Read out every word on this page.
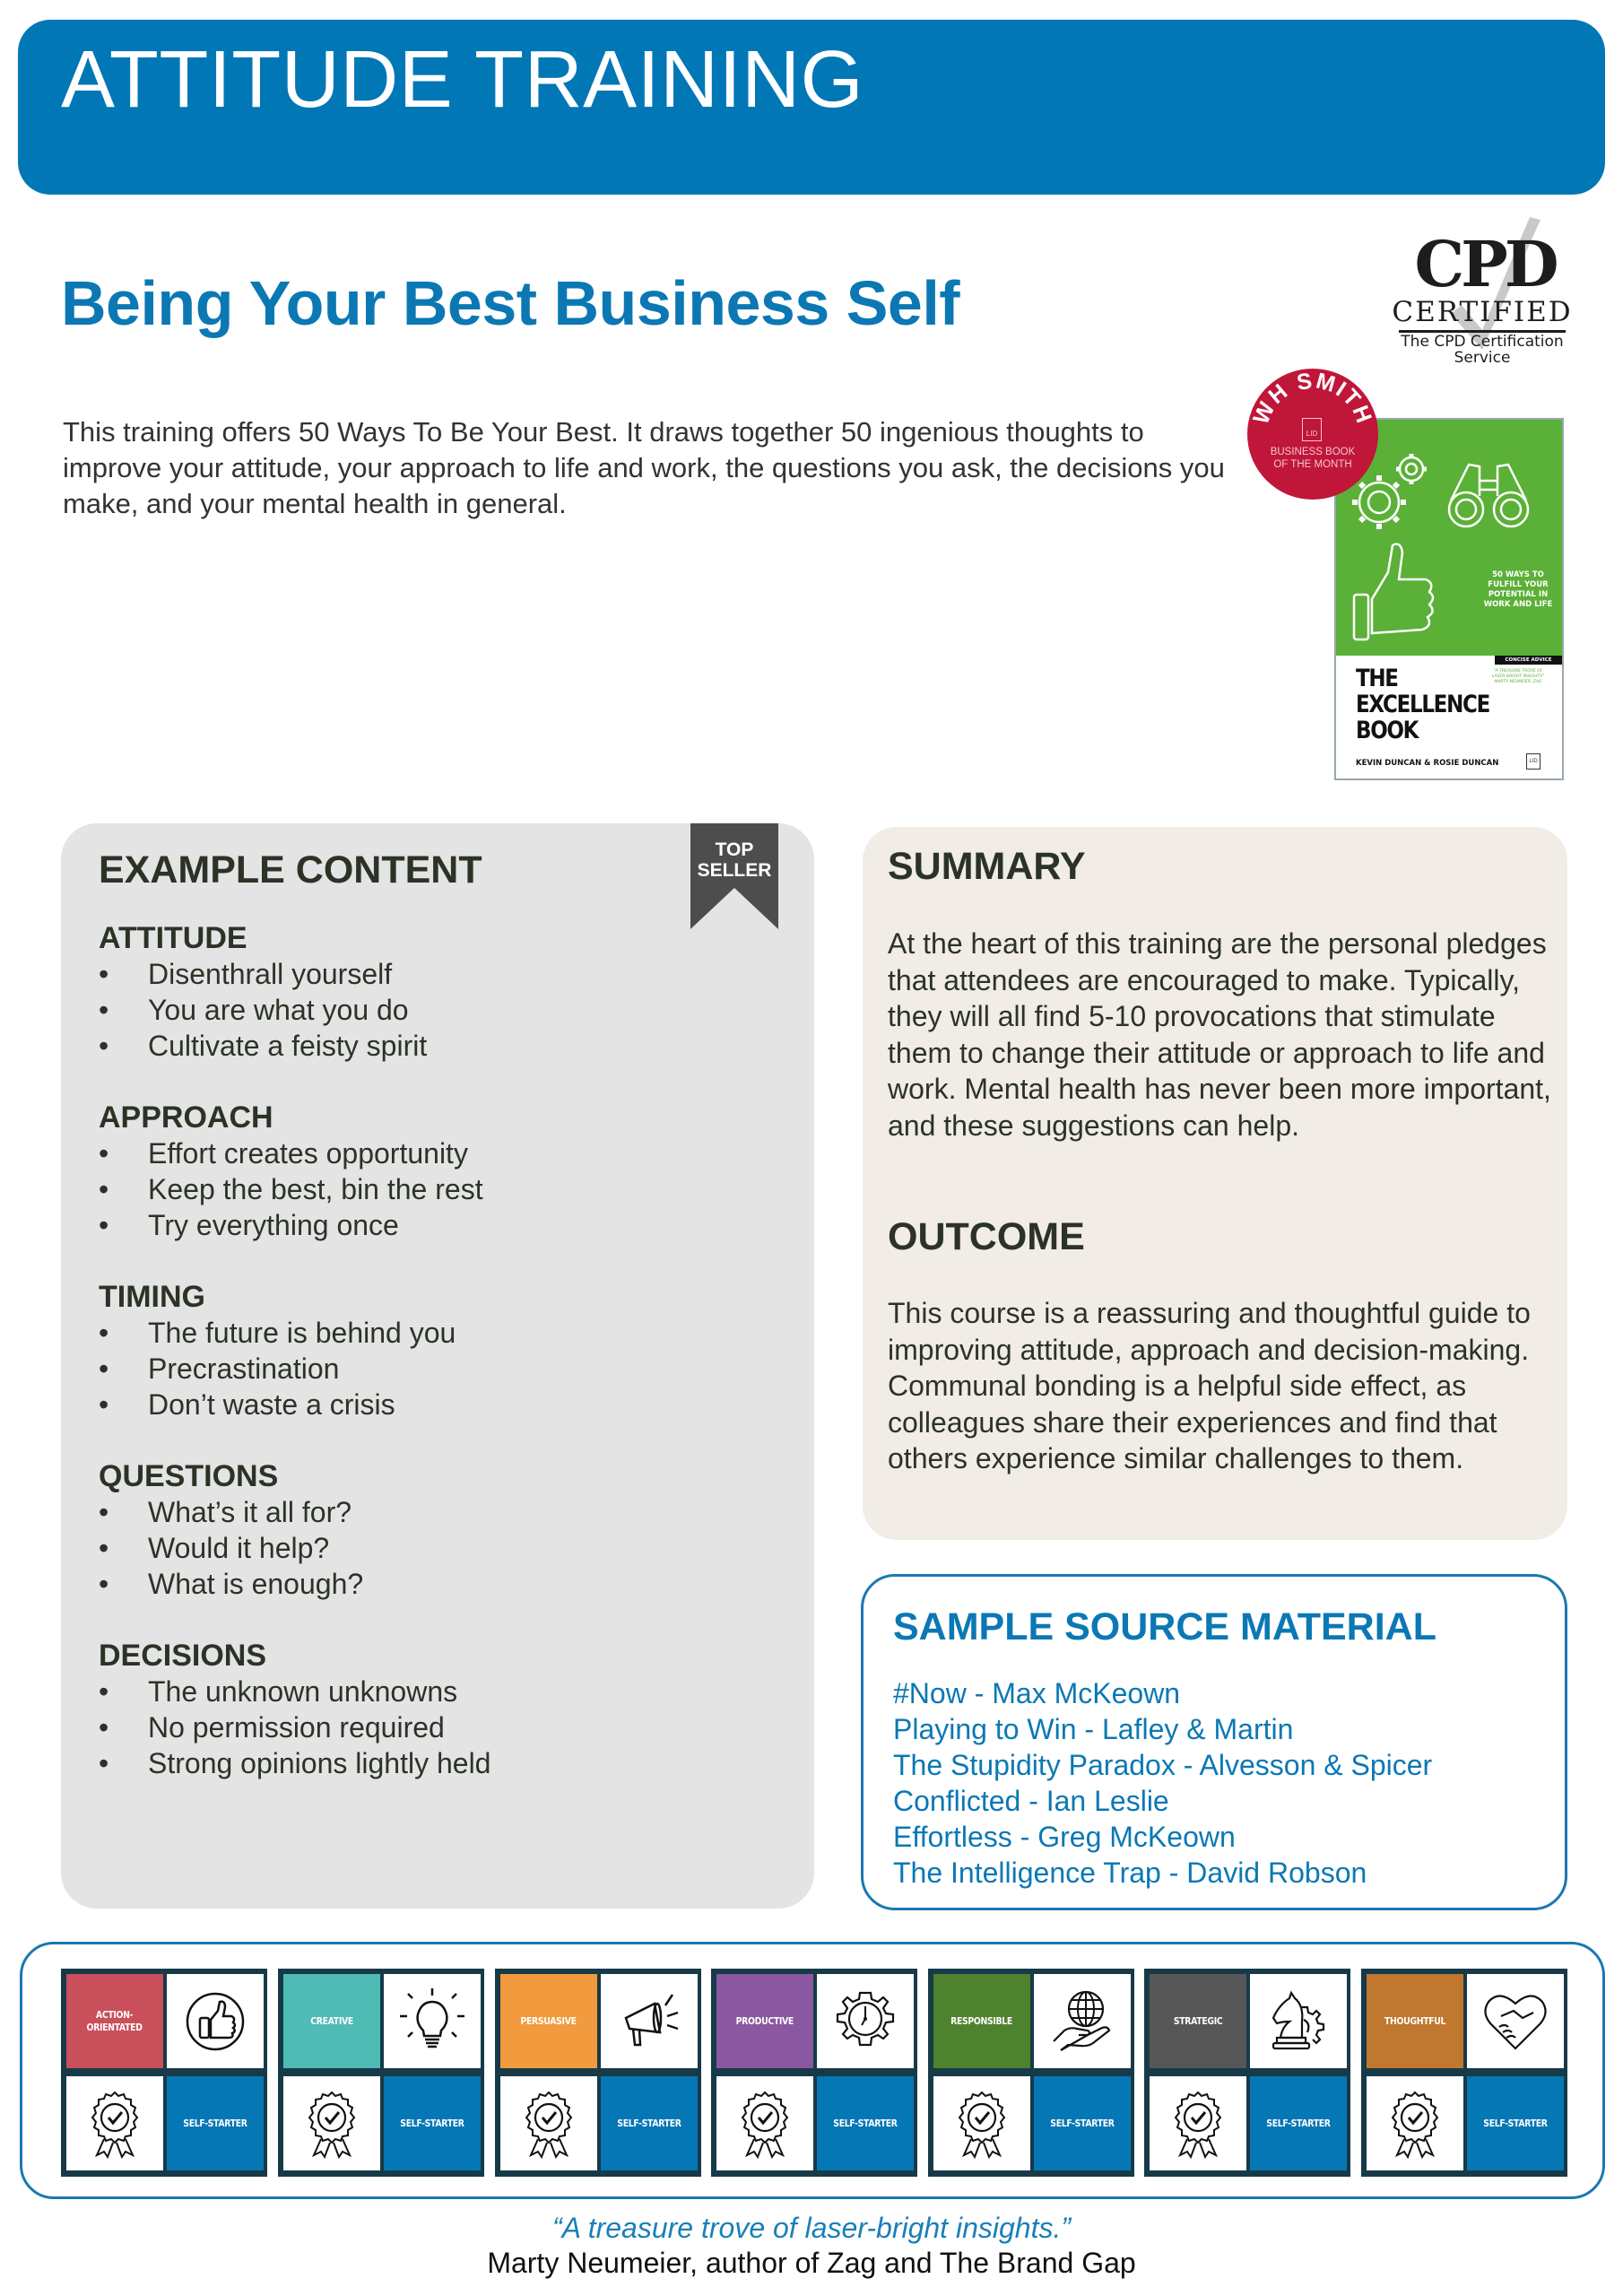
ATTITUDE TRAINING
Being Your Best Business Self
This training offers 50 Ways To Be Your Best. It draws together 50 ingenious thoughts to improve your attitude, your approach to life and work, the questions you ask, the decisions you make, and your mental health in general.
CPD
CERTIFIED
The CPD Certification
Service
50 WAYS TO FULFILL YOUR POTENTIAL IN WORK AND LIFE
CONCISE ADVICE
THE
EXCELLENCE
BOOK
"A TREASURE TROVE OF LASER-BRIGHT INSIGHTS" MARTY NEUMEIER, ZAG
KEVIN DUNCAN & ROSIE DUNCAN	LID
WH SMITH
LID
BUSINESS BOOK
OF THE MONTH
TOP
SELLER
EXAMPLE CONTENT
ATTITUDE
• Disenthrall yourself
• You are what you do
• Cultivate a feisty spirit
APPROACH
• Effort creates opportunity
• Keep the best, bin the rest
• Try everything once
TIMING
• The future is behind you
• Precrastination
• Don’t waste a crisis
QUESTIONS
• What’s it all for?
• Would it help?
• What is enough?
DECISIONS
• The unknown unknowns
• No permission required
• Strong opinions lightly held
SUMMARY

At the heart of this training are the personal pledges that attendees are encouraged to make. Typically, they will all find 5-10 provocations that stimulate them to change their attitude or approach to life and work. Mental health has never been more important, and these suggestions can help.

OUTCOME

This course is a reassuring and thoughtful guide to improving attitude, approach and decision-making. Communal bonding is a helpful side effect, as colleagues share their experiences and find that others experience similar challenges to them.

SAMPLE SOURCE MATERIAL
#Now - Max McKeown
Playing to Win - Lafley & Martin
The Stupidity Paradox - Alvesson & Spicer
Conflicted - Ian Leslie
Effortless - Greg McKeown
The Intelligence Trap - David Robson
ACTION-
ORIENTATED
SELF-STARTER
CREATIVE
SELF-STARTER
PERSUASIVE
SELF-STARTER
PRODUCTIVE
SELF-STARTER
RESPONSIBLE
SELF-STARTER
STRATEGIC
SELF-STARTER
THOUGHTFUL
SELF-STARTER
“A treasure trove of laser-bright insights.”
Marty Neumeier, author of Zag and The Brand Gap
